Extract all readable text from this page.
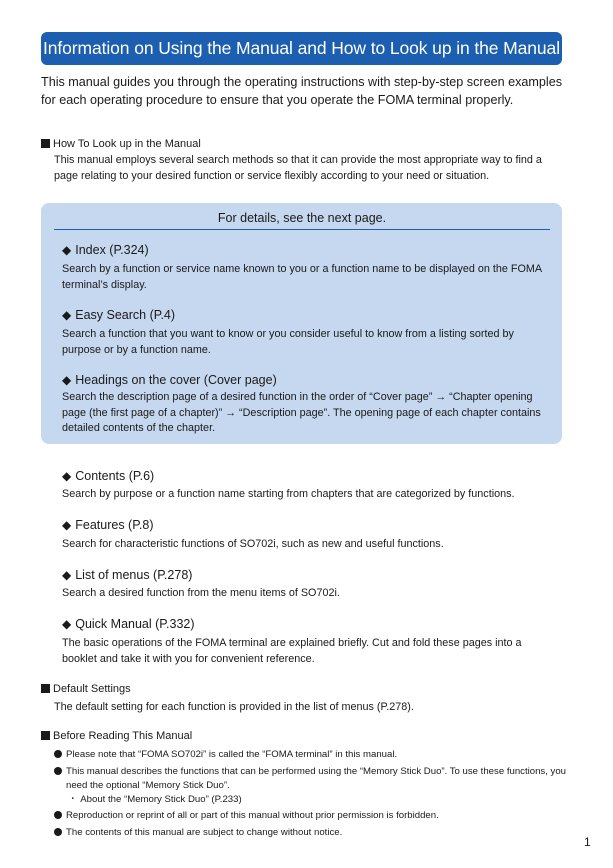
Information on Using the Manual and How to Look up in the Manual
This manual guides you through the operating instructions with step-by-step screen examples for each operating procedure to ensure that you operate the FOMA terminal properly.
How To Look up in the Manual
This manual employs several search methods so that it can provide the most appropriate way to find a page relating to your desired function or service flexibly according to your need or situation.
For details, see the next page.
◆ Index (P.324)
Search by a function or service name known to you or a function name to be displayed on the FOMA terminal’s display.
◆ Easy Search (P.4)
Search a function that you want to know or you consider useful to know from a listing sorted by purpose or by a function name.
◆ Headings on the cover (Cover page)
Search the description page of a desired function in the order of “Cover page” → “Chapter opening page (the first page of a chapter)” → “Description page”. The opening page of each chapter contains detailed contents of the chapter.
◆ Contents (P.6)
Search by purpose or a function name starting from chapters that are categorized by functions.
◆ Features (P.8)
Search for characteristic functions of SO702i, such as new and useful functions.
◆ List of menus (P.278)
Search a desired function from the menu items of SO702i.
◆ Quick Manual (P.332)
The basic operations of the FOMA terminal are explained briefly. Cut and fold these pages into a booklet and take it with you for convenient reference.
Default Settings
The default setting for each function is provided in the list of menus (P.278).
Before Reading This Manual
Please note that “FOMA SO702i” is called the “FOMA terminal” in this manual.
This manual describes the functions that can be performed using the “Memory Stick Duo”. To use these functions, you need the optional “Memory Stick Duo”.
・ About the “Memory Stick Duo” (P.233)
Reproduction or reprint of all or part of this manual without prior permission is forbidden.
The contents of this manual are subject to change without notice.
1
